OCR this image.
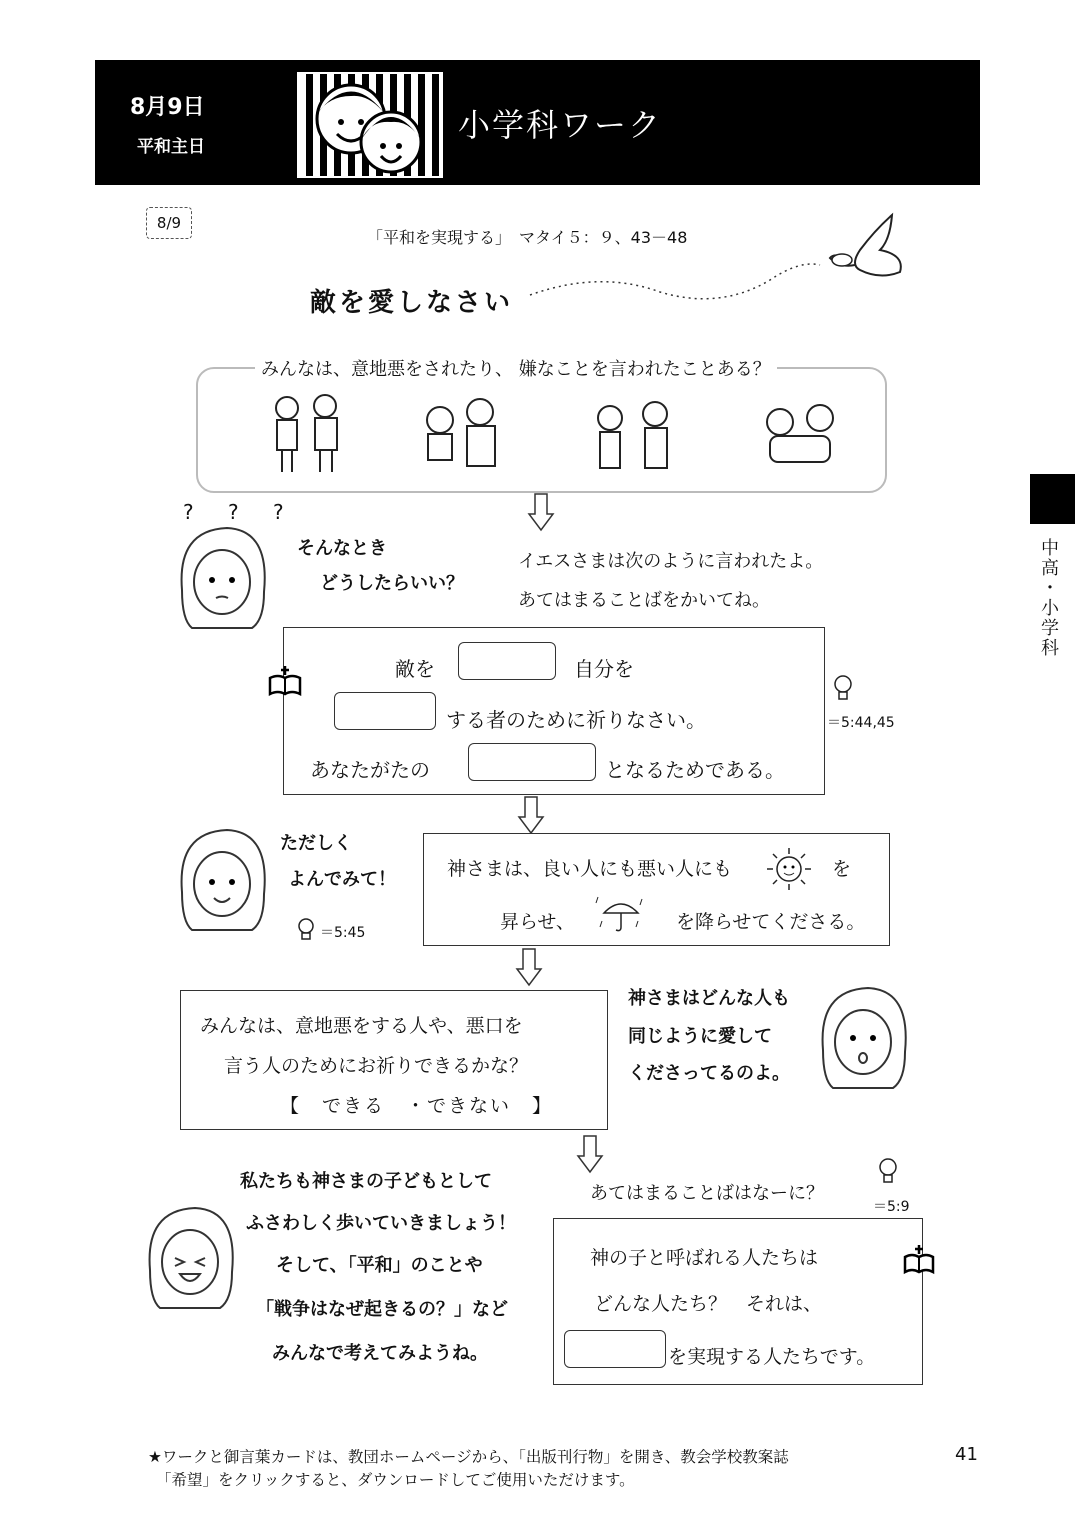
8月9日
平和主日
小学科ワーク
8/9
「平和を実現する」　マタイ５：９、43－48
敵を愛しなさい
みんなは、意地悪をされたり、 嫌なことを言われたことある？
? ? ?
そんなとき
どうしたらいい？
イエスさまは次のように言われたよ。
あてはまることばをかいてね。
敵を	自分を
する者のために祈りなさい。
あなたがたの	となるためである。
＝5:44,45
ただしく
よんでみて！
＝5:45
神さまは、良い人にも悪い人にも	を
昇らせ、	を降らせてくださる。
みんなは、意地悪をする人や、悪口を
言う人のためにお祈りできるかな？
【　できる　・できない　】
神さまはどんな人も
同じように愛して
くださってるのよ。
あてはまることばはなーに？
＝5:9
神の子と呼ばれる人たちは
どんな人たち？　それは、
を実現する人たちです。
私たちも神さまの子どもとして
ふさわしく歩いていきましょう！
そして、「平和」のことや
「戦争はなぜ起きるの？」など
みんなで考えてみようね。
中高・小学科
★ワークと御言葉カードは、教団ホームページから、「出版刊行物」を開き、教会学校教案誌
「希望」をクリックすると、ダウンロードしてご使用いただけます。
41
